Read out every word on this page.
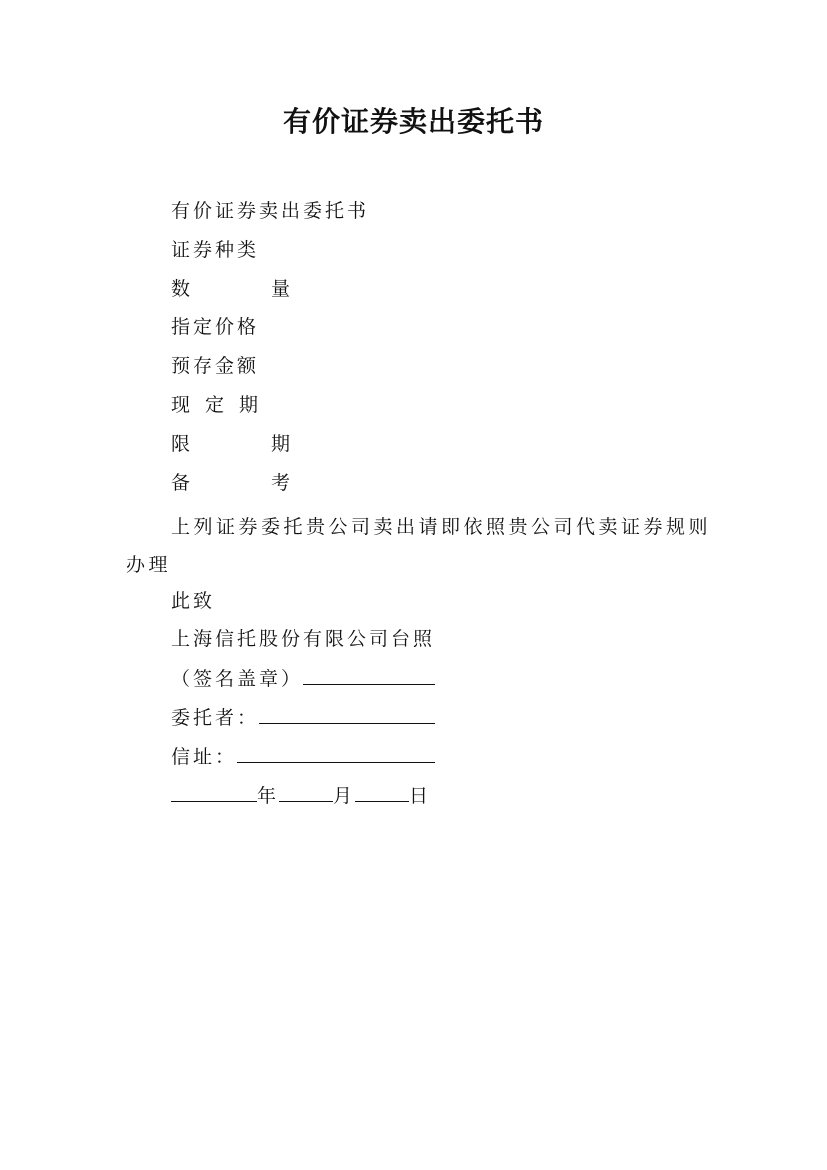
有价证券卖出委托书
有价证券卖出委托书
证券种类
数	量
指定价格
预存金额
现 定 期
限	期
备	考
上列证券委托贵公司卖出请即依照贵公司代卖证券规则办理
此致
上海信托股份有限公司台照
（签名盖章）
委托者：
信址：
年	月	日
